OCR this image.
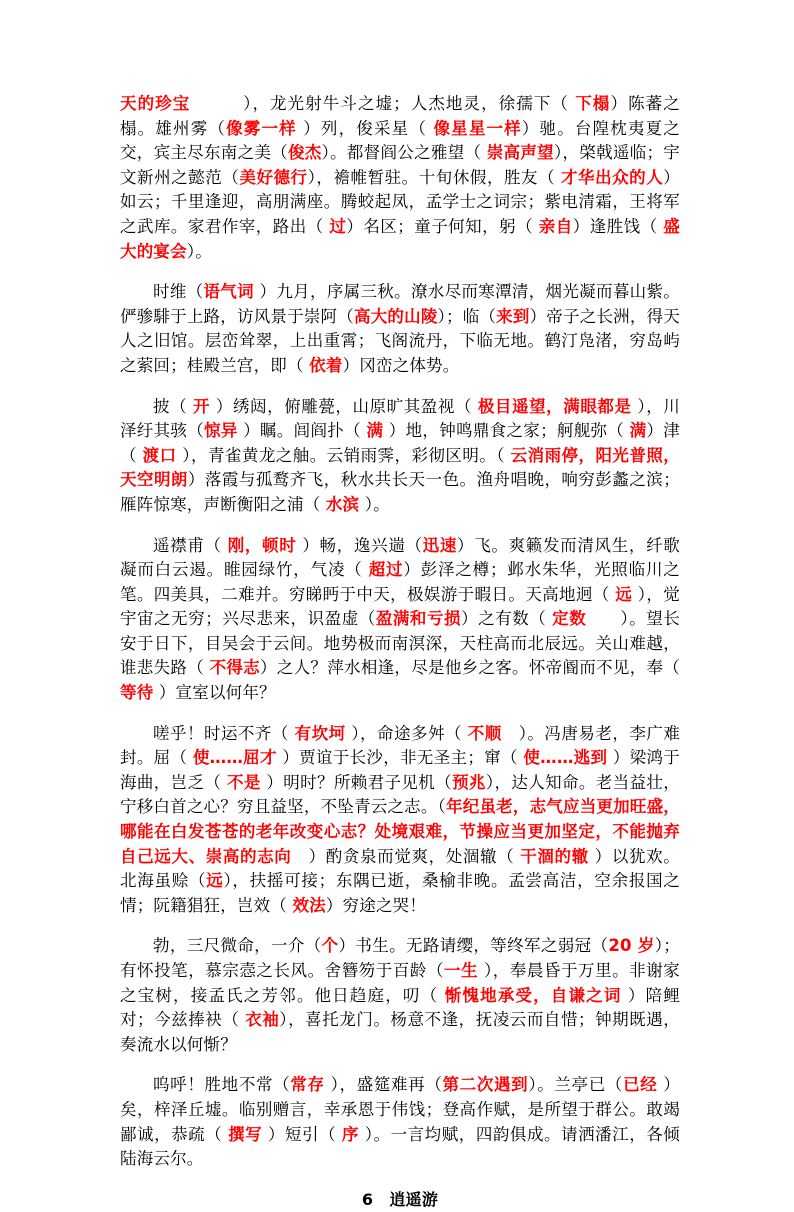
天的珍宝　　　），龙光射牛斗之墟；人杰地灵，徐孺下（ 下榻）陈蕃之榻。雄州雾（像雾一样 ）列，俊采星（ 像星星一样）驰。台隍枕夷夏之交，宾主尽东南之美（俊杰）。都督阎公之雅望（ 崇高声望），棨戟遥临；宇文新州之懿范（美好德行），襜帷暂驻。十旬休假，胜友（ 才华出众的人）如云；千里逢迎，高朋满座。腾蛟起凤，孟学士之词宗；紫电清霜，王将军之武库。家君作宰，路出（ 过）名区；童子何知，躬（ 亲自）逢胜饯（ 盛大的宴会）。

时维（语气词 ）九月，序属三秋。潦水尽而寒潭清，烟光凝而暮山紫。俨骖騑于上路，访风景于崇阿（高大的山陵）；临（来到）帝子之长洲，得天人之旧馆。层峦耸翠，上出重霄；飞阁流丹，下临无地。鹤汀凫渚，穷岛屿之萦回；桂殿兰宫，即（ 依着）冈峦之体势。

披（ 开 ）绣闼，俯雕甍，山原旷其盈视（ 极目遥望，满眼都是 ），川泽纡其骇（惊异 ）瞩。闾阎扑（ 满 ）地，钟鸣鼎食之家；舸舰弥（ 满）津（ 渡口 ），青雀黄龙之舳。云销雨霁，彩彻区明。（ 云消雨停，阳光普照，天空明朗）落霞与孤鹜齐飞，秋水共长天一色。渔舟唱晚，响穷彭蠡之滨；雁阵惊寒，声断衡阳之浦（ 水滨 ）。

遥襟甫（ 刚，顿时 ）畅，逸兴遄（迅速）飞。爽籁发而清风生，纤歌凝而白云遏。睢园绿竹，气凌（ 超过）彭泽之樽；邺水朱华，光照临川之笔。四美具，二难并。穷睇眄于中天，极娱游于暇日。天高地迥（ 远 ），觉宇宙之无穷；兴尽悲来，识盈虚（盈满和亏损）之有数（ 定数　　）。望长安于日下，目吴会于云间。地势极而南溟深，天柱高而北辰远。关山难越，谁悲失路（ 不得志）之人？萍水相逢，尽是他乡之客。怀帝阍而不见，奉（ 等待 ）宣室以何年？

嗟乎！时运不齐（ 有坎坷 ），命途多舛（ 不顺　）。冯唐易老，李广难封。屈（ 使……屈才 ）贾谊于长沙，非无圣主；窜（ 使……逃到 ）梁鸿于海曲，岂乏（ 不是 ）明时？所赖君子见机（预兆），达人知命。老当益壮，宁移白首之心？穷且益坚，不坠青云之志。（年纪虽老，志气应当更加旺盛，哪能在白发苍苍的老年改变心志？处境艰难，节操应当更加坚定，不能抛弃自己远大、崇高的志向　）酌贪泉而觉爽，处涸辙（ 干涸的辙 ）以犹欢。北海虽赊（远），扶摇可接；东隅已逝，桑榆非晚。孟尝高洁，空余报国之情；阮籍猖狂，岂效（ 效法）穷途之哭！

勃，三尺微命，一介（个）书生。无路请缨，等终军之弱冠（20 岁）；有怀投笔，慕宗悫之长风。舍簪笏于百龄（一生 ），奉晨昏于万里。非谢家之宝树，接孟氏之芳邻。他日趋庭，叨（ 惭愧地承受，自谦之词 ）陪鲤对；今兹捧袂（ 衣袖），喜托龙门。杨意不逢，抚凌云而自惜；钟期既遇，奏流水以何惭？

呜呼！胜地不常（常存 ），盛筵难再（第二次遇到）。兰亭已（已经 ）矣，梓泽丘墟。临别赠言，幸承恩于伟饯；登高作赋，是所望于群公。敢竭鄙诚，恭疏（ 撰写 ）短引（ 序 ）。一言均赋，四韵俱成。请洒潘江，各倾陆海云尔。

6　逍遥游
